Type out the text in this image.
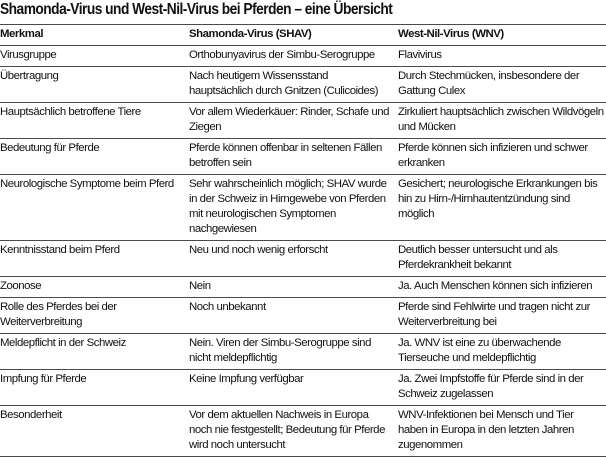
Shamonda-Virus und West-Nil-Virus bei Pferden – eine Übersicht
Merkmal	Shamonda-Virus (SHAV)	West-Nil-Virus (WNV)
Virusgruppe	Orthobunyavirus der Simbu-Serogruppe	Flavivirus
Übertragung	Nach heutigem Wissensstand hauptsächlich durch Gnitzen (Culicoides)	Durch Stechmücken, insbesondere der Gattung Culex
Hauptsächlich betroffene Tiere	Vor allem Wiederkäuer: Rinder, Schafe und Ziegen	Zirkuliert hauptsächlich zwischen Wildvögeln und Mücken
Bedeutung für Pferde	Pferde können offenbar in seltenen Fällen betroffen sein	Pferde können sich infizieren und schwer erkranken
Neurologische Symptome beim Pferd	Sehr wahrscheinlich möglich; SHAV wurde in der Schweiz in Hirngewebe von Pferden mit neurologischen Symptomen nachgewiesen	Gesichert; neurologische Erkrankungen bis hin zu Hirn-/Hirnhautentzündung sind möglich
Kenntnisstand beim Pferd	Neu und noch wenig erforscht	Deutlich besser untersucht und als Pferdekrankheit bekannt
Zoonose	Nein	Ja. Auch Menschen können sich infizieren
Rolle des Pferdes bei der Weiterverbreitung	Noch unbekannt	Pferde sind Fehlwirte und tragen nicht zur Weiterverbreitung bei
Meldepflicht in der Schweiz	Nein. Viren der Simbu-Serogruppe sind nicht meldepflichtig	Ja. WNV ist eine zu überwachende Tierseuche und meldepflichtig
Impfung für Pferde	Keine Impfung verfügbar	Ja. Zwei Impfstoffe für Pferde sind in der Schweiz zugelassen
Besonderheit	Vor dem aktuellen Nachweis in Europa noch nie festgestellt; Bedeutung für Pferde wird noch untersucht	WNV-Infektionen bei Mensch und Tier haben in Europa in den letzten Jahren zugenommen
